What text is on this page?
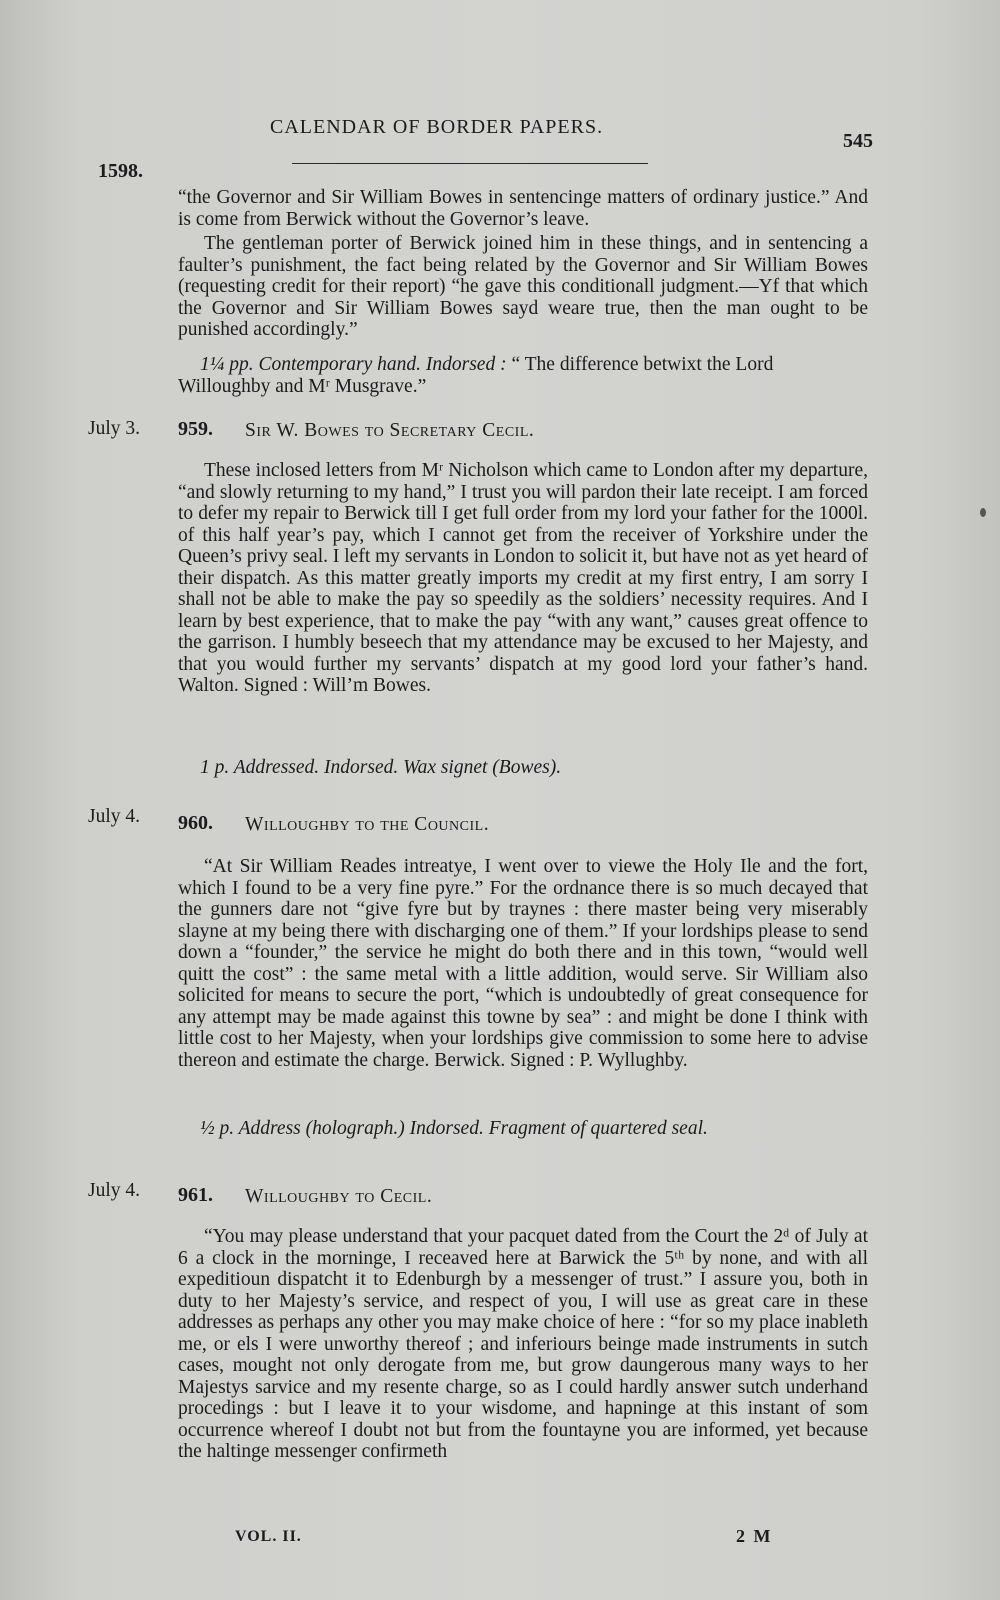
CALENDAR OF BORDER PAPERS.
545
1598.
“the Governor and Sir William Bowes in sentencinge matters of ordinary justice.” And is come from Berwick without the Governor’s leave.
The gentleman porter of Berwick joined him in these things, and in sentencing a faulter’s punishment, the fact being related by the Governor and Sir William Bowes (requesting credit for their report) “he gave this conditionall judgment.—Yf that which the Governor and Sir William Bowes sayd weare true, then the man ought to be punished accordingly.”
1¼ pp. Contemporary hand. Indorsed : “ The difference betwixt the Lord Willoughby and Mʳ Musgrave.”
July 3. 959. Sir W. Bowes to Secretary Cecil.
These inclosed letters from Mʳ Nicholson which came to London after my departure, “and slowly returning to my hand,” I trust you will pardon their late receipt. I am forced to defer my repair to Berwick till I get full order from my lord your father for the 1000l. of this half year’s pay, which I cannot get from the receiver of Yorkshire under the Queen’s privy seal. I left my servants in London to solicit it, but have not as yet heard of their dispatch. As this matter greatly imports my credit at my first entry, I am sorry I shall not be able to make the pay so speedily as the soldiers’ necessity requires. And I learn by best experience, that to make the pay “with any want,” causes great offence to the garrison. I humbly beseech that my attendance may be excused to her Majesty, and that you would further my servants’ dispatch at my good lord your father’s hand. Walton. Signed : Will’m Bowes.
1 p. Addressed. Indorsed. Wax signet (Bowes).
July 4. 960. Willoughby to the Council.
“At Sir William Reades intreatye, I went over to viewe the Holy Ile and the fort, which I found to be a very fine pyre.” For the ordnance there is so much decayed that the gunners dare not “give fyre but by traynes : there master being very miserably slayne at my being there with discharging one of them.” If your lordships please to send down a “founder,” the service he might do both there and in this town, “would well quitt the cost” : the same metal with a little addition, would serve. Sir William also solicited for means to secure the port, “which is undoubtedly of great consequence for any attempt may be made against this towne by sea” : and might be done I think with little cost to her Majesty, when your lordships give commission to some here to advise thereon and estimate the charge. Berwick. Signed : P. Wyllughby.
½ p. Address (holograph.) Indorsed. Fragment of quartered seal.
July 4. 961. Willoughby to Cecil.
“You may please understand that your pacquet dated from the Court the 2ᵈ of July at 6 a clock in the morninge, I receaved here at Barwick the 5ᵗʰ by none, and with all expeditioun dispatcht it to Edenburgh by a messenger of trust.” I assure you, both in duty to her Majesty’s service, and respect of you, I will use as great care in these addresses as perhaps any other you may make choice of here : “for so my place inableth me, or els I were unworthy thereof ; and inferiours beinge made instruments in sutch cases, mought not only derogate from me, but grow daungerous many ways to her Majestys sarvice and my resente charge, so as I could hardly answer sutch underhand procedings : but I leave it to your wisdome, and hapninge at this instant of som occurrence whereof I doubt not but from the fountayne you are informed, yet because the haltinge messenger confirmeth
VOL. II.	2 M
